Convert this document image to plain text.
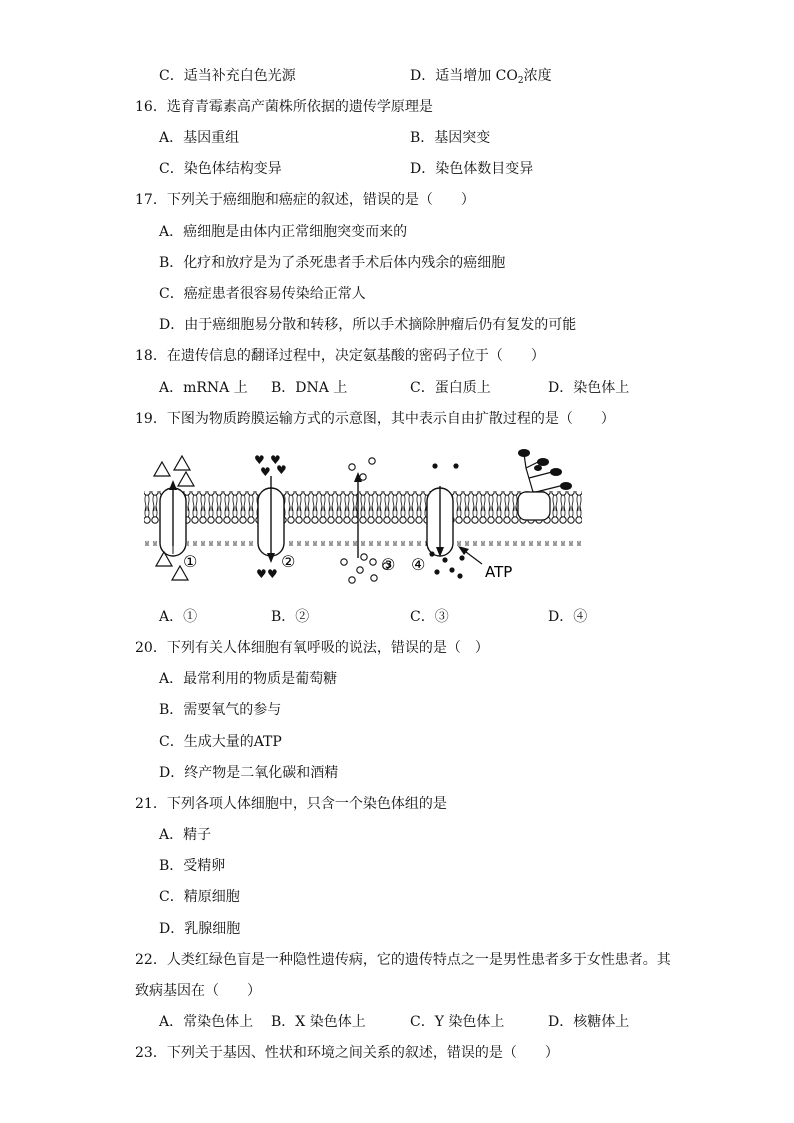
C．适当补充白色光源	D．适当增加 $CO_2$浓度
16．选育青霉素高产菌株所依据的遗传学原理是
A．基因重组	B．基因突变
C．染色体结构变异	D．染色体数目变异
17．下列关于癌细胞和癌症的叙述，错误的是（　　）
A．癌细胞是由体内正常细胞突变而来的
B．化疗和放疗是为了杀死患者手术后体内残余的癌细胞
C．癌症患者很容易传染给正常人
D．由于癌细胞易分散和转移，所以手术摘除肿瘤后仍有复发的可能
18．在遗传信息的翻译过程中，决定氨基酸的密码子位于（　　）
A．mRNA 上 B．DNA 上	C．蛋白质上	D．染色体上
19．下图为物质跨膜运输方式的示意图，其中表示自由扩散过程的是（　　）
♥ ♥
♥ ♥
♥ ♥
①	②	③ ④	ATP
A．①	B．②	C．③	D．④
20．下列有关人体细胞有氧呼吸的说法，错误的是（　）
A．最常利用的物质是葡萄糖
B．需要氧气的参与
C．生成大量的ATP
D．终产物是二氧化碳和酒精
21．下列各项人体细胞中，只含一个染色体组的是
A．精子
B．受精卵
C．精原细胞
D．乳腺细胞
22．人类红绿色盲是一种隐性遗传病，它的遗传特点之一是男性患者多于女性患者。其
致病基因在（　　）
A．常染色体上 B．X 染色体上	C．Y 染色体上	D．核糖体上
23．下列关于基因、性状和环境之间关系的叙述，错误的是（　　）
